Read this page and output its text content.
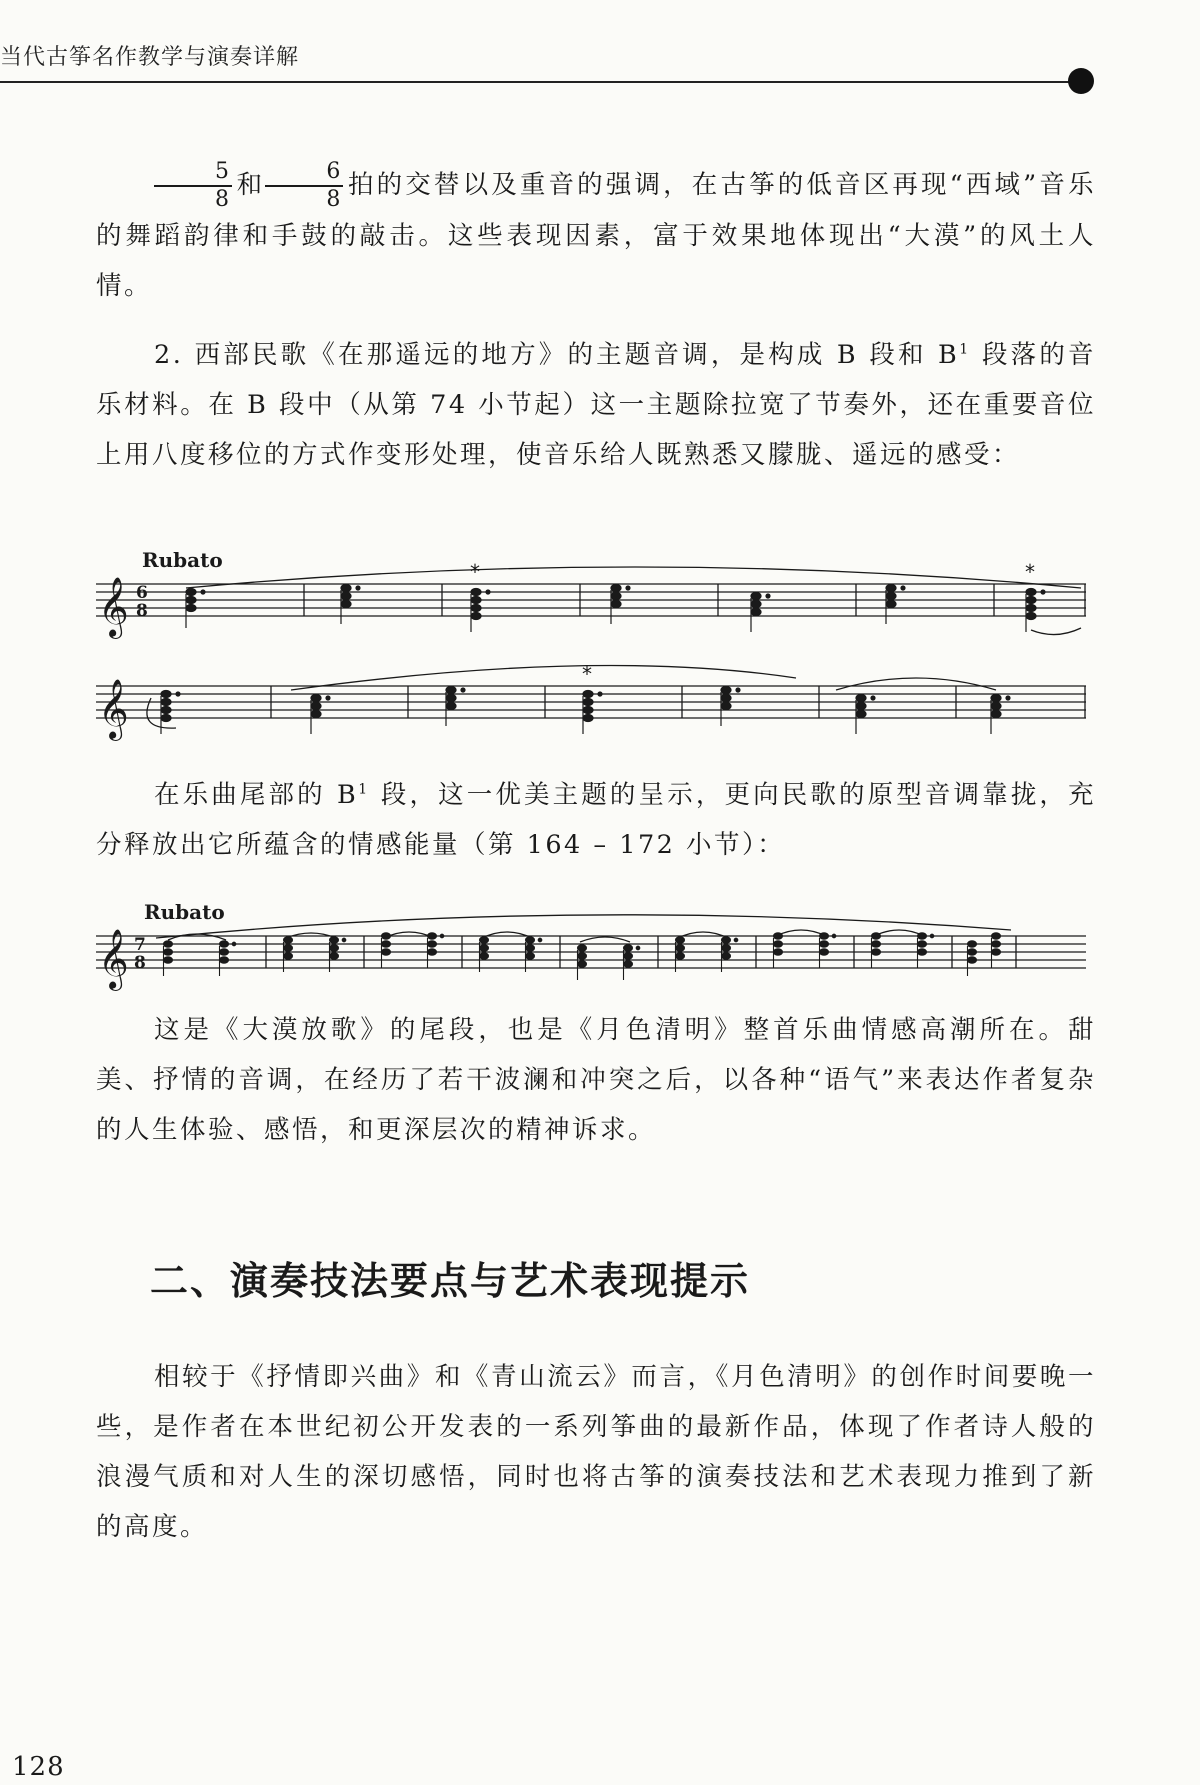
当代古筝名作教学与演奏详解

$\frac{5}{8}$ 和 $\frac{6}{8}$ 拍的交替以及重音的强调，在古筝的低音区再现“西域”音乐的舞蹈韵律和手鼓的敲击。这些表现因素，富于效果地体现出“大漠”的风土人情。

2. 西部民歌《在那遥远的地方》的主题音调，是构成 B 段和 $B^1$ 段落的音乐材料。在 B 段中（从第 74 小节起）这一主题除拉宽了节奏外，还在重要音位上用八度移位的方式作变形处理，使音乐给人既熟悉又朦胧、遥远的感受：

Rubato
𝄞 6
8
𝄞
*	*
*

在乐曲尾部的 $B^1$ 段，这一优美主题的呈示，更向民歌的原型音调靠拢，充分释放出它所蕴含的情感能量（第 164 – 172 小节）：

Rubato
𝄞 7
8

这是《大漠放歌》的尾段，也是《月色清明》整首乐曲情感高潮所在。甜美、抒情的音调，在经历了若干波澜和冲突之后，以各种“语气”来表达作者复杂的人生体验、感悟，和更深层次的精神诉求。

二、演奏技法要点与艺术表现提示

相较于《抒情即兴曲》和《青山流云》而言，《月色清明》的创作时间要晚一些，是作者在本世纪初公开发表的一系列筝曲的最新作品，体现了作者诗人般的浪漫气质和对人生的深切感悟，同时也将古筝的演奏技法和艺术表现力推到了新的高度。

128
